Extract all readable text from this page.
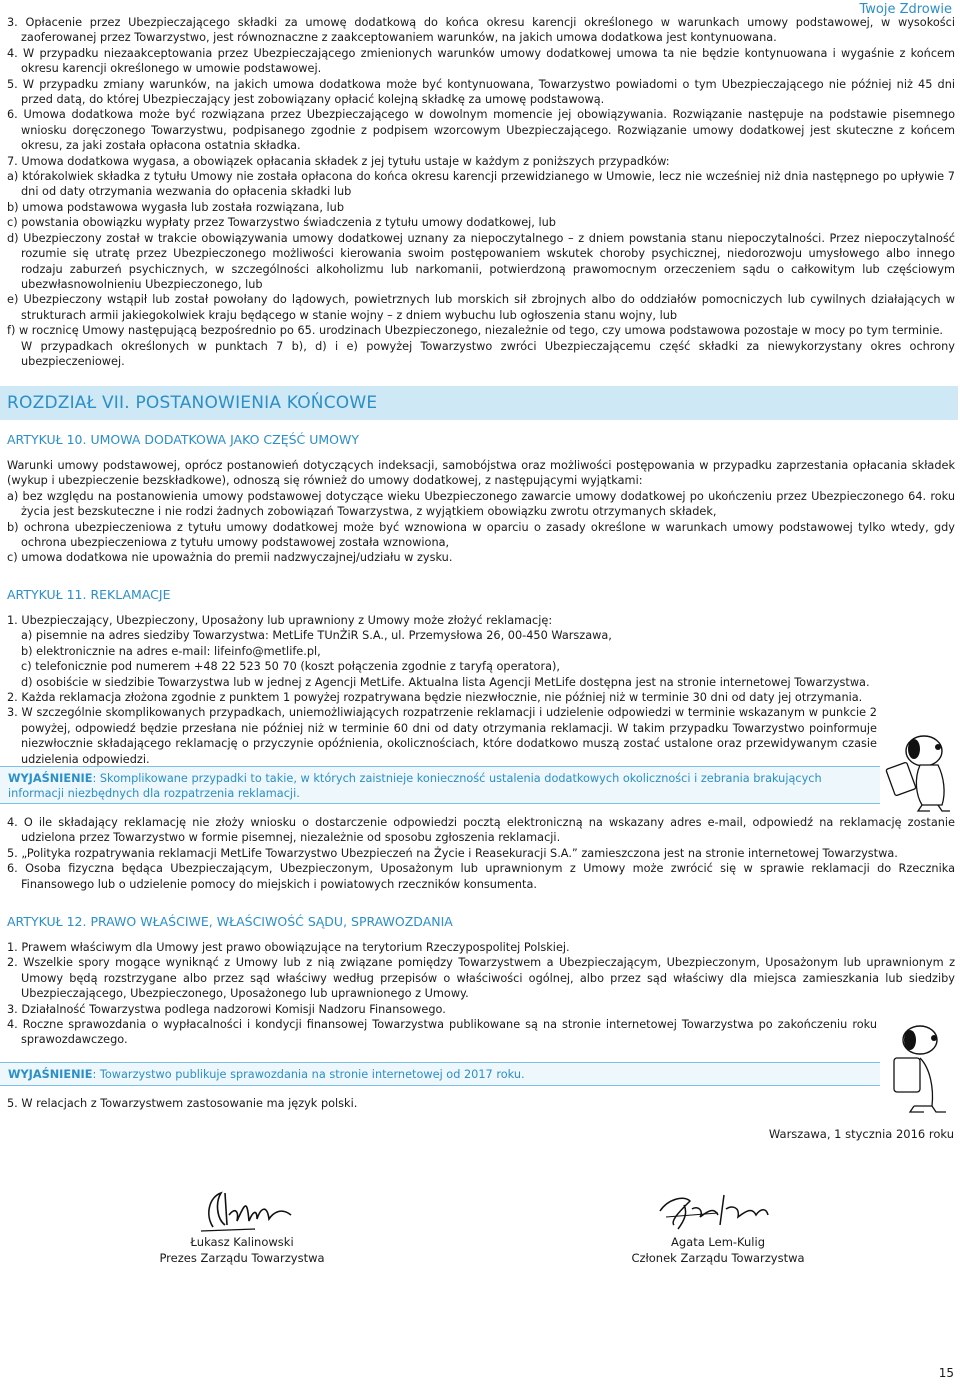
Twoje Zdrowie

3. Opłacenie przez Ubezpieczającego składki za umowę dodatkową do końca okresu karencji określonego w warunkach umowy podstawowej, w wysokości zaoferowanej przez Towarzystwo, jest równoznaczne z zaakceptowaniem warunków, na jakich umowa dodatkowa jest kontynuowana.

4. W przypadku niezaakceptowania przez Ubezpieczającego zmienionych warunków umowy dodatkowej umowa ta nie będzie kontynuowana i wygaśnie z końcem okresu karencji określonego w umowie podstawowej.

5. W przypadku zmiany warunków, na jakich umowa dodatkowa może być kontynuowana, Towarzystwo powiadomi o tym Ubezpieczającego nie później niż 45 dni przed datą, do której Ubezpieczający jest zobowiązany opłacić kolejną składkę za umowę podstawową.

6. Umowa dodatkowa może być rozwiązana przez Ubezpieczającego w dowolnym momencie jej obowiązywania. Rozwiązanie następuje na podstawie pisemnego wniosku doręczonego Towarzystwu, podpisanego zgodnie z podpisem wzorcowym Ubezpieczającego. Rozwiązanie umowy dodatkowej jest skuteczne z końcem okresu, za jaki została opłacona ostatnia składka.

7. Umowa dodatkowa wygasa, a obowiązek opłacania składek z jej tytułu ustaje w każdym z poniższych przypadków:

a) którakolwiek składka z tytułu Umowy nie została opłacona do końca okresu karencji przewidzianego w Umowie, lecz nie wcześniej niż dnia następnego po upływie 7 dni od daty otrzymania wezwania do opłacenia składki lub

b) umowa podstawowa wygasła lub została rozwiązana, lub

c) powstania obowiązku wypłaty przez Towarzystwo świadczenia z tytułu umowy dodatkowej, lub

d) Ubezpieczony został w trakcie obowiązywania umowy dodatkowej uznany za niepoczytalnego – z dniem powstania stanu niepoczytalności. Przez niepoczytalność rozumie się utratę przez Ubezpieczonego możliwości kierowania swoim postępowaniem wskutek choroby psychicznej, niedorozwoju umysłowego albo innego rodzaju zaburzeń psychicznych, w szczególności alkoholizmu lub narkomanii, potwierdzoną prawomocnym orzeczeniem sądu o całkowitym lub częściowym ubezwłasnowolnieniu Ubezpieczonego, lub

e) Ubezpieczony wstąpił lub został powołany do lądowych, powietrznych lub morskich sił zbrojnych albo do oddziałów pomocniczych lub cywilnych działających w strukturach armii jakiegokolwiek kraju będącego w stanie wojny – z dniem wybuchu lub ogłoszenia stanu wojny, lub

f) w rocznicę Umowy następującą bezpośrednio po 65. urodzinach Ubezpieczonego, niezależnie od tego, czy umowa podstawowa pozostaje w mocy po tym terminie.

W przypadkach określonych w punktach 7 b), d) i e) powyżej Towarzystwo zwróci Ubezpieczającemu część składki za niewykorzystany okres ochrony ubezpieczeniowej.

ROZDZIAŁ VII. POSTANOWIENIA KOŃCOWE
ARTYKUŁ 10. UMOWA DODATKOWA JAKO CZĘŚĆ UMOWY

Warunki umowy podstawowej, oprócz postanowień dotyczących indeksacji, samobójstwa oraz możliwości postępowania w przypadku zaprzestania opłacania składek (wykup i ubezpieczenie bezskładkowe), odnoszą się również do umowy dodatkowej, z następującymi wyjątkami:

a) bez względu na postanowienia umowy podstawowej dotyczące wieku Ubezpieczonego zawarcie umowy dodatkowej po ukończeniu przez Ubezpieczonego 64. roku życia jest bezskuteczne i nie rodzi żadnych zobowiązań Towarzystwa, z wyjątkiem obowiązku zwrotu otrzymanych składek,

b) ochrona ubezpieczeniowa z tytułu umowy dodatkowej może być wznowiona w oparciu o zasady określone w warunkach umowy podstawowej tylko wtedy, gdy ochrona ubezpieczeniowa z tytułu umowy podstawowej została wznowiona,

c) umowa dodatkowa nie upoważnia do premii nadzwyczajnej/udziału w zysku.

ARTYKUŁ 11. REKLAMACJE

1. Ubezpieczający, Ubezpieczony, Uposażony lub uprawniony z Umowy może złożyć reklamację:

a) pisemnie na adres siedziby Towarzystwa: MetLife TUnŻiR S.A., ul. Przemysłowa 26, 00-450 Warszawa,

b) elektronicznie na adres e-mail: lifeinfo@metlife.pl,

c) telefonicznie pod numerem +48 22 523 50 70 (koszt połączenia zgodnie z taryfą operatora),

d) osobiście w siedzibie Towarzystwa lub w jednej z Agencji MetLife. Aktualna lista Agencji MetLife dostępna jest na stronie internetowej Towarzystwa.

2. Każda reklamacja złożona zgodnie z punktem 1 powyżej rozpatrywana będzie niezwłocznie, nie później niż w terminie 30 dni od daty jej otrzymania.

3. W szczególnie skomplikowanych przypadkach, uniemożliwiających rozpatrzenie reklamacji i udzielenie odpowiedzi w terminie wskazanym w punkcie 2 powyżej, odpowiedź będzie przesłana nie później niż w terminie 60 dni od daty otrzymania reklamacji. W takim przypadku Towarzystwo poinformuje niezwłocznie składającego reklamację o przyczynie opóźnienia, okolicznościach, które dodatkowo muszą zostać ustalone oraz przewidywanym czasie udzielenia odpowiedzi.

WYJAŚNIENIE: Skomplikowane przypadki to takie, w których zaistnieje konieczność ustalenia dodatkowych okoliczności i zebrania brakujących informacji niezbędnych dla rozpatrzenia reklamacji.

4. O ile składający reklamację nie złoży wniosku o dostarczenie odpowiedzi pocztą elektroniczną na wskazany adres e-mail, odpowiedź na reklamację zostanie udzielona przez Towarzystwo w formie pisemnej, niezależnie od sposobu zgłoszenia reklamacji.

5. „Polityka rozpatrywania reklamacji MetLife Towarzystwo Ubezpieczeń na Życie i Reasekuracji S.A.” zamieszczona jest na stronie internetowej Towarzystwa.

6. Osoba fizyczna będąca Ubezpieczającym, Ubezpieczonym, Uposażonym lub uprawnionym z Umowy może zwrócić się w sprawie reklamacji do Rzecznika Finansowego lub o udzielenie pomocy do miejskich i powiatowych rzeczników konsumenta.

ARTYKUŁ 12. PRAWO WŁAŚCIWE, WŁAŚCIWOŚĆ SĄDU, SPRAWOZDANIA

1. Prawem właściwym dla Umowy jest prawo obowiązujące na terytorium Rzeczypospolitej Polskiej.

2. Wszelkie spory mogące wyniknąć z Umowy lub z nią związane pomiędzy Towarzystwem a Ubezpieczającym, Ubezpieczonym, Uposażonym lub uprawnionym z Umowy będą rozstrzygane albo przez sąd właściwy według przepisów o właściwości ogólnej, albo przez sąd właściwy dla miejsca zamieszkania lub siedziby Ubezpieczającego, Ubezpieczonego, Uposażonego lub uprawnionego z Umowy.

3. Działalność Towarzystwa podlega nadzorowi Komisji Nadzoru Finansowego.

4. Roczne sprawozdania o wypłacalności i kondycji finansowej Towarzystwa publikowane są na stronie internetowej Towarzystwa po zakończeniu roku sprawozdawczego.

WYJAŚNIENIE: Towarzystwo publikuje sprawozdania na stronie internetowej od 2017 roku.

5. W relacjach z Towarzystwem zastosowanie ma język polski.

Warszawa, 1 stycznia 2016 roku
Łukasz Kalinowski
Prezes Zarządu Towarzystwa
Agata Lem-Kulig
Członek Zarządu Towarzystwa
15
